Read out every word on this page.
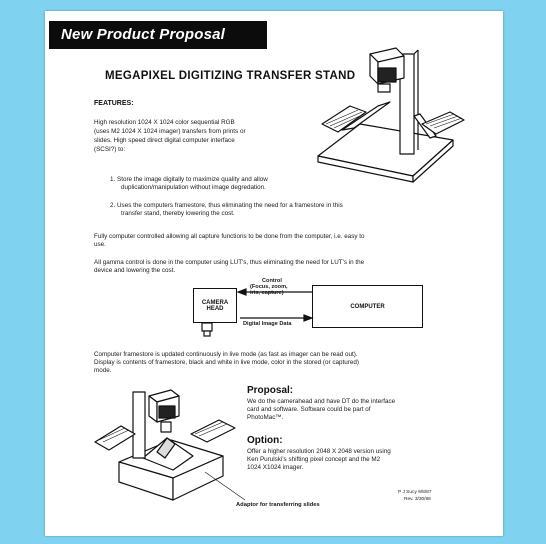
New Product Proposal
MEGAPIXEL DIGITIZING TRANSFER STAND
FEATURES:
High resolution 1024 X 1024 color sequential RGB
(uses M2 1024 X 1024 imager) transfers from prints or
slides. High speed direct digital computer interface
(SCSI?) to:
1. Store the image digitally to maximize quality and allow
duplication/manipulation without image degredation.
2. Uses the computers framestore, thus eliminating the need for a framestore in this
transfer stand, thereby lowering the cost.
Fully computer controlled allowing all capture functions to be done from the computer, i.e. easy to
use.
All gamma control is done in the computer using LUT's, thus eliminating the need for LUT's in the
device and lowering the cost.
CAMERA
HEAD	COMPUTER
Control
(Focus, zoom,
iris, capture)
Digital Image Data
Computer framestore is updated continuously in live mode (as fast as imager can be read out).
Display is contents of framestore, black and white in live mode, color in the stored (or captured)
mode.
Proposal:
We do the camerahead and have DT do the interface
card and software. Software could be part of
PhotoMac™.
Option:
Offer a higher resolution 2048 X 2048 version using
Ken Purulski's shifting pixel concept and the M2
1024 X1024 imager.
Adaptor for transferring slides
P J Sucy 9/8/87
Rev. 3/30/88
